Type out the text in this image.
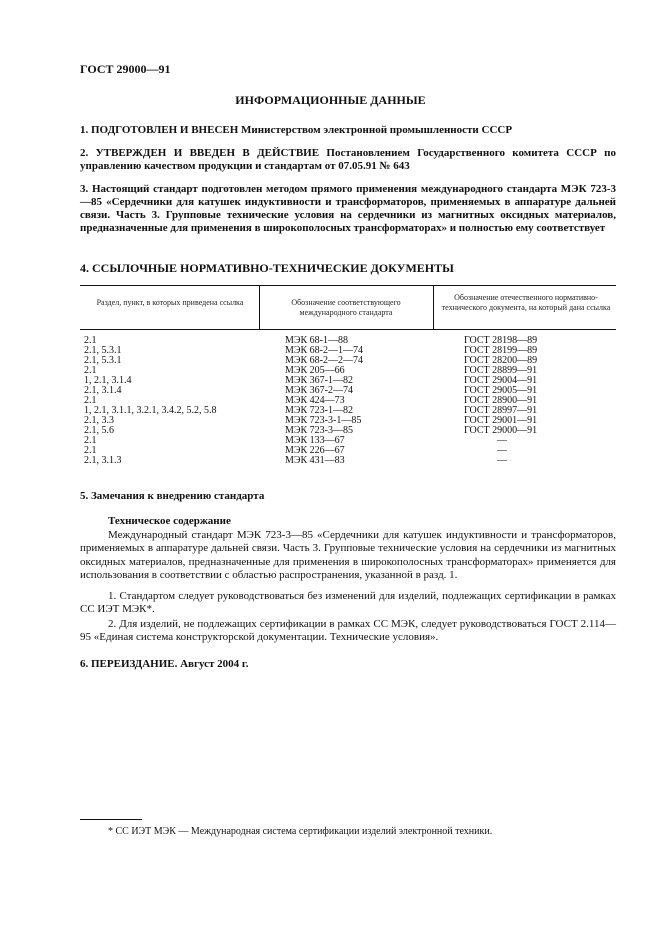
ГОСТ 29000—91
ИНФОРМАЦИОННЫЕ ДАННЫЕ
1. ПОДГОТОВЛЕН И ВНЕСЕН Министерством электронной промышленности СССР
2. УТВЕРЖДЕН И ВВЕДЕН В ДЕЙСТВИЕ Постановлением Государственного комитета СССР по управлению качеством продукции и стандартам от 07.05.91 № 643
3. Настоящий стандарт подготовлен методом прямого применения международного стандарта МЭК 723-3—85 «Сердечники для катушек индуктивности и трансформаторов, применяемых в аппаратуре дальней связи. Часть 3. Групповые технические условия на сердечники из магнитных оксидных материалов, предназначенные для применения в широкополосных трансформаторах» и полностью ему соответствует
4. ССЫЛОЧНЫЕ НОРМАТИВНО-ТЕХНИЧЕСКИЕ ДОКУМЕНТЫ
Раздел, пункт, в которых приведена ссылка	Обозначение соответствующего международного стандарта
Обозначение отечественного нормативно-технического документа, на который дана ссылка
2.1
2.1, 5.3.1
2.1, 5.3.1
2.1
1, 2.1, 3.1.4
2.1, 3.1.4
2.1
1, 2.1, 3.1.1, 3.2.1, 3.4.2, 5.2, 5.8
2.1, 3.3
2.1, 5.6
2.1
2.1
2.1, 3.1.3
МЭК 68-1—88
МЭК 68-2—1—74
МЭК 68-2—2—74
МЭК 205—66
МЭК 367-1—82
МЭК 367-2—74
МЭК 424—73
МЭК 723-1—82
МЭК 723-3-1—85
МЭК 723-3—85
МЭК 133—67
МЭК 226—67
МЭК 431—83
ГОСТ 28198—89
ГОСТ 28199—89
ГОСТ 28200—89
ГОСТ 28899—91
ГОСТ 29004—91
ГОСТ 29005—91
ГОСТ 28900—91
ГОСТ 28997—91
ГОСТ 29001—91
ГОСТ 29000—91
—
—
—
5. Замечания к внедрению стандарта
Техническое содержание
Международный стандарт МЭК 723-3—85 «Сердечники для катушек индуктивности и трансформаторов, применяемых в аппаратуре дальней связи. Часть 3. Групповые технические условия на сердечники из магнитных оксидных материалов, предназначенные для применения в широкополосных трансформаторах» применяется для использования в соответствии с областью распространения, указанной в разд. 1.
1. Стандартом следует руководствоваться без изменений для изделий, подлежащих сертификации в рамках СС ИЭТ МЭК*.
2. Для изделий, не подлежащих сертификации в рамках СС МЭК, следует руководствоваться ГОСТ 2.114—95 «Единая система конструкторской документации. Технические условия».
6. ПЕРЕИЗДАНИЕ. Август 2004 г.
* СС ИЭТ МЭК — Международная система сертификации изделий электронной техники.
